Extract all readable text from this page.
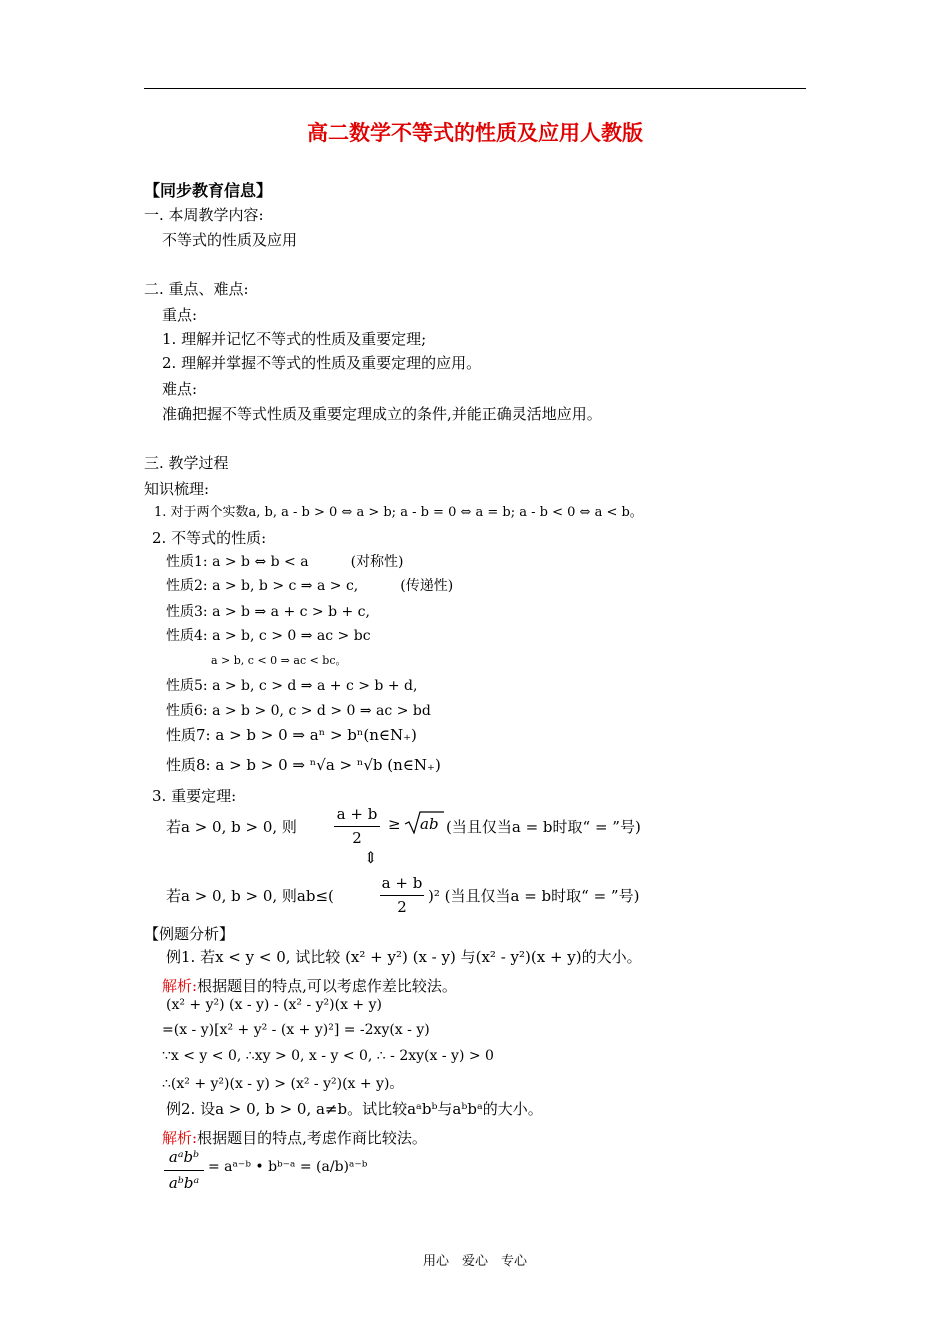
高二数学不等式的性质及应用人教版
【同步教育信息】
一. 本周教学内容:
不等式的性质及应用
二. 重点、难点:
重点:
1. 理解并记忆不等式的性质及重要定理;
2. 理解并掌握不等式的性质及重要定理的应用。
难点:
准确把握不等式性质及重要定理成立的条件,并能正确灵活地应用。
三. 教学过程
知识梳理:
1. 对于两个实数a, b, a - b > 0 ⇔ a > b; a - b = 0 ⇔ a = b; a - b < 0 ⇔ a < b。
2. 不等式的性质:
性质1: a > b ⇔ b < a　　　(对称性)
性质2: a > b, b > c ⇒ a > c,　　　(传递性)
性质3: a > b ⇒ a + c > b + c,
性质4: a > b, c > 0 ⇒ ac > bc
a > b, c < 0 ⇒ ac < bc。
性质5: a > b, c > d ⇒ a + c > b + d,
性质6: a > b > 0, c > d > 0 ⇒ ac > bd
性质7: a > b > 0 ⇒ aⁿ > bⁿ(n∈N₊)
性质8: a > b > 0 ⇒ ⁿ√a > ⁿ√b (n∈N₊)
3. 重要定理:
若a > 0, b > 0, 则
a + b
2
≥ ab (当且仅当a = b时取“ = ”号)
⇕
若a > 0, b > 0, 则ab≤(
a + b
2
)² (当且仅当a = b时取“ = ”号)
【例题分析】
例1. 若x < y < 0, 试比较 (x² + y²) (x - y) 与(x² - y²)(x + y)的大小。
解析:根据题目的特点,可以考虑作差比较法。
(x² + y²) (x - y) - (x² - y²)(x + y)
=(x - y)[x² + y² - (x + y)²] = -2xy(x - y)
∵x < y < 0, ∴xy > 0, x - y < 0, ∴ - 2xy(x - y) > 0
∴(x² + y²)(x - y) > (x² - y²)(x + y)。
例2. 设a > 0, b > 0, a≠b。试比较aᵃbᵇ与aᵇbᵃ的大小。
解析:根据题目的特点,考虑作商比较法。
aᵃbᵇ
aᵇbᵃ
= aᵃ⁻ᵇ • bᵇ⁻ᵃ = (a/b)ᵃ⁻ᵇ
用心　爱心　专心
